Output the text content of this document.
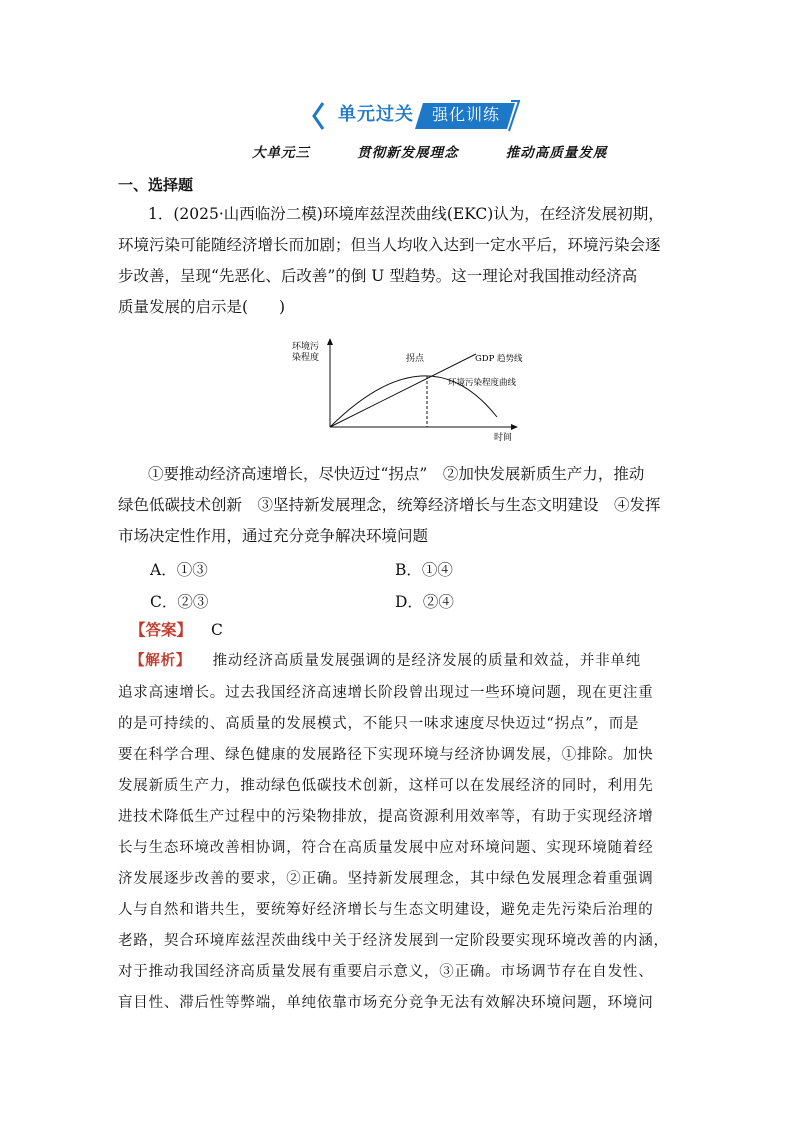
单元过关	强化训练
大单元三   贯彻新发展理念   推动高质量发展
一、选择题
1．(2025·山西临汾二模)环境库兹涅茨曲线(EKC)认为，在经济发展初期，
环境污染可能随经济增长而加剧；但当人均收入达到一定水平后，环境污染会逐
步改善，呈现“先恶化、后改善”的倒 U 型趋势。这一理论对我国推动经济高
质量发展的启示是(　　)
环境污
染程度
时间
拐点	GDP 趋势线
环境污染程度曲线
①要推动经济高速增长，尽快迈过“拐点”　②加快发展新质生产力，推动
绿色低碳技术创新　③坚持新发展理念，统筹经济增长与生态文明建设　④发挥
市场决定性作用，通过充分竞争解决环境问题
A．①③	B．①④
C．②③	D．②④
【答案】 C
【解析】 推动经济高质量发展强调的是经济发展的质量和效益，并非单纯
追求高速增长。过去我国经济高速增长阶段曾出现过一些环境问题，现在更注重
的是可持续的、高质量的发展模式，不能只一味求速度尽快迈过“拐点”，而是
要在科学合理、绿色健康的发展路径下实现环境与经济协调发展，①排除。加快
发展新质生产力，推动绿色低碳技术创新，这样可以在发展经济的同时，利用先
进技术降低生产过程中的污染物排放，提高资源利用效率等，有助于实现经济增
长与生态环境改善相协调，符合在高质量发展中应对环境问题、实现环境随着经
济发展逐步改善的要求，②正确。坚持新发展理念，其中绿色发展理念着重强调
人与自然和谐共生，要统筹好经济增长与生态文明建设，避免走先污染后治理的
老路，契合环境库兹涅茨曲线中关于经济发展到一定阶段要实现环境改善的内涵，
对于推动我国经济高质量发展有重要启示意义，③正确。市场调节存在自发性、
盲目性、滞后性等弊端，单纯依靠市场充分竞争无法有效解决环境问题，环境问
